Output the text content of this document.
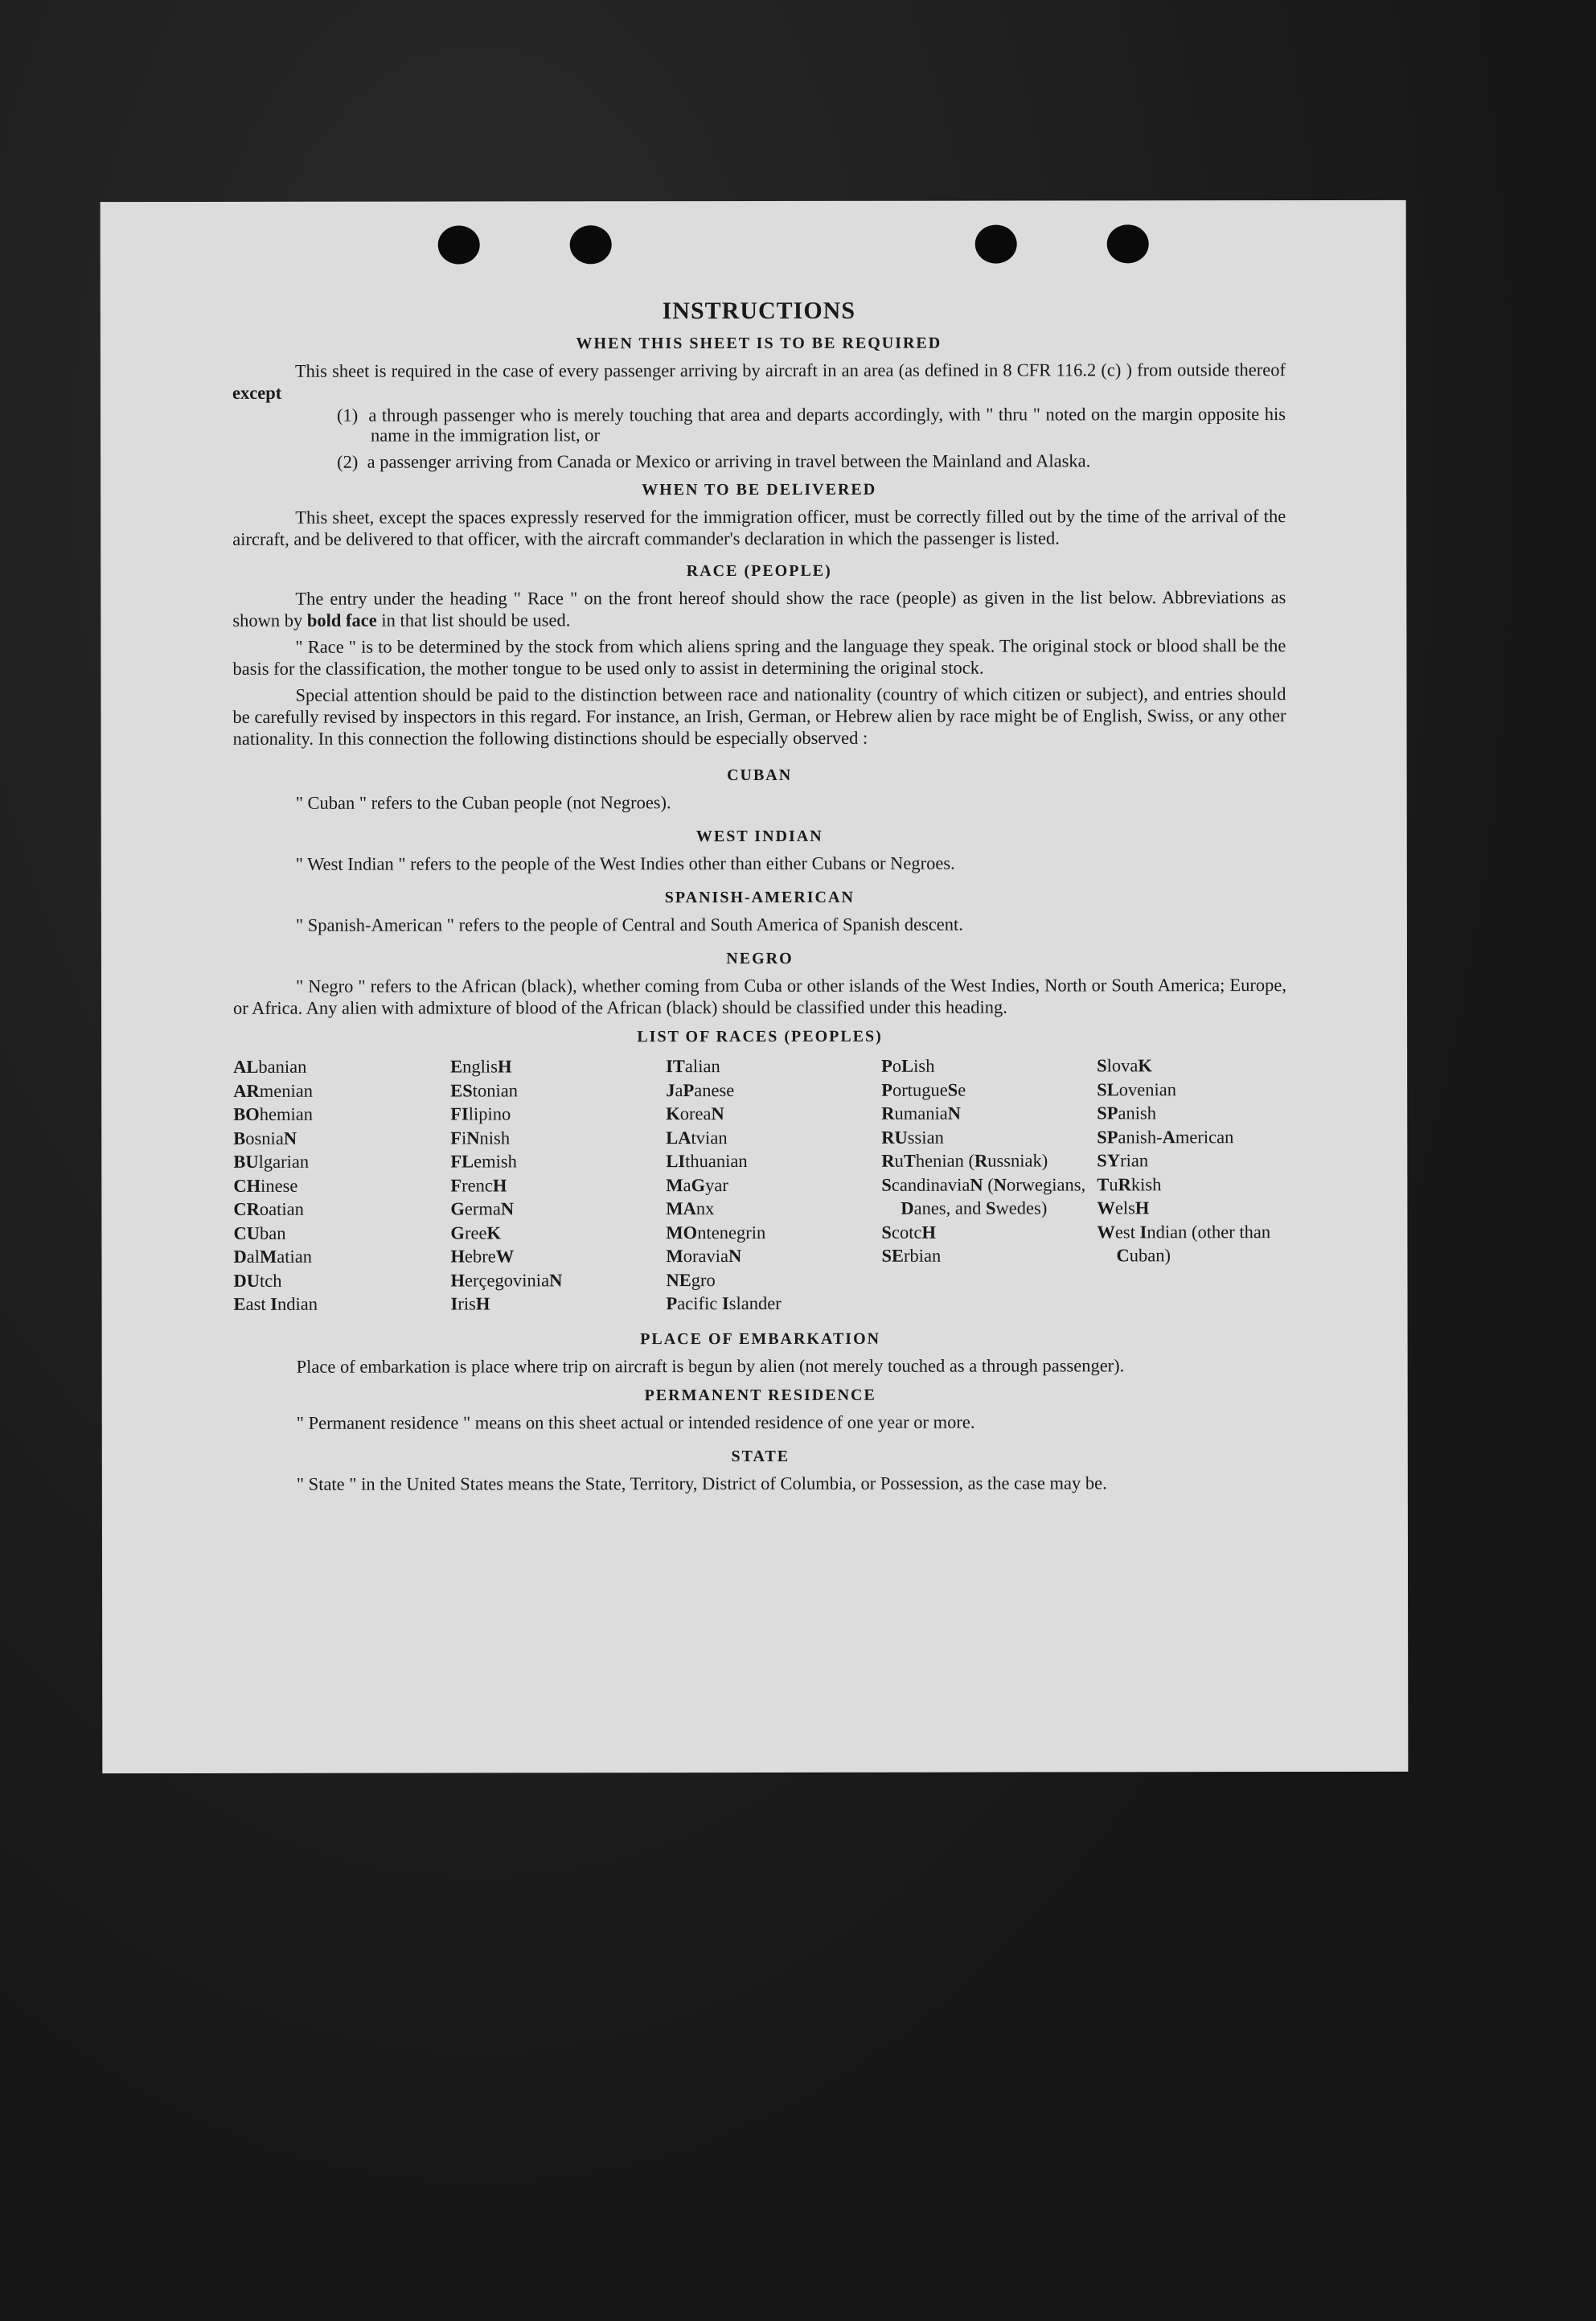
INSTRUCTIONS
WHEN THIS SHEET IS TO BE REQUIRED

This sheet is required in the case of every passenger arriving by aircraft in an area (as defined in 8 CFR 116.2 (c) ) from outside thereof except

(1) a through passenger who is merely touching that area and departs accordingly, with " thru " noted on the margin opposite his name in the immigration list, or
(2) a passenger arriving from Canada or Mexico or arriving in travel between the Mainland and Alaska.
WHEN TO BE DELIVERED

This sheet, except the spaces expressly reserved for the immigration officer, must be correctly filled out by the time of the arrival of the aircraft, and be delivered to that officer, with the aircraft commander's declaration in which the passenger is listed.

RACE (PEOPLE)

The entry under the heading " Race " on the front hereof should show the race (people) as given in the list below. Abbreviations as shown by bold face in that list should be used.

" Race " is to be determined by the stock from which aliens spring and the language they speak. The original stock or blood shall be the basis for the classification, the mother tongue to be used only to assist in determining the original stock.

Special attention should be paid to the distinction between race and nationality (country of which citizen or subject), and entries should be carefully revised by inspectors in this regard. For instance, an Irish, German, or Hebrew alien by race might be of English, Swiss, or any other nationality. In this connection the following distinctions should be especially observed :

CUBAN
" Cuban " refers to the Cuban people (not Negroes).
WEST INDIAN
" West Indian " refers to the people of the West Indies other than either Cubans or Negroes.
SPANISH-AMERICAN
" Spanish-American " refers to the people of Central and South America of Spanish descent.
NEGRO

" Negro " refers to the African (black), whether coming from Cuba or other islands of the West Indies, North or South America; Europe, or Africa. Any alien with admixture of blood of the African (black) should be classified under this heading.

LIST OF RACES (PEOPLES)
ALbanian
ARmenian
BOhemian
BosniaN
BUlgarian
CHinese
CRoatian
CUban
DalMatian
DUtch
East Indian
EnglisH
EStonian
FIlipino
FiNnish
FLemish
FrencH
GermaN
GreeK
HebreW
HerçegoviniaN
IrisH
ITalian
JaPanese
KoreaN
LAtvian
LIthuanian
MaGyar
MAnx
MOntenegrin
MoraviaN
NEgro
Pacific Islander
PoLish
PortugueSe
RumaniaN
RUssian
RuThenian (Russniak)
ScandinaviaN (Norwegians, Danes, and Swedes)
ScotcH
SErbian
SlovaK
SLovenian
SPanish
SPanish-American
SYrian
TuRkish
WelsH
West Indian (other than Cuban)
PLACE OF EMBARKATION

Place of embarkation is place where trip on aircraft is begun by alien (not merely touched as a through passenger).

PERMANENT RESIDENCE
" Permanent residence " means on this sheet actual or intended residence of one year or more.
STATE

" State " in the United States means the State, Territory, District of Columbia, or Possession, as the case may be.
